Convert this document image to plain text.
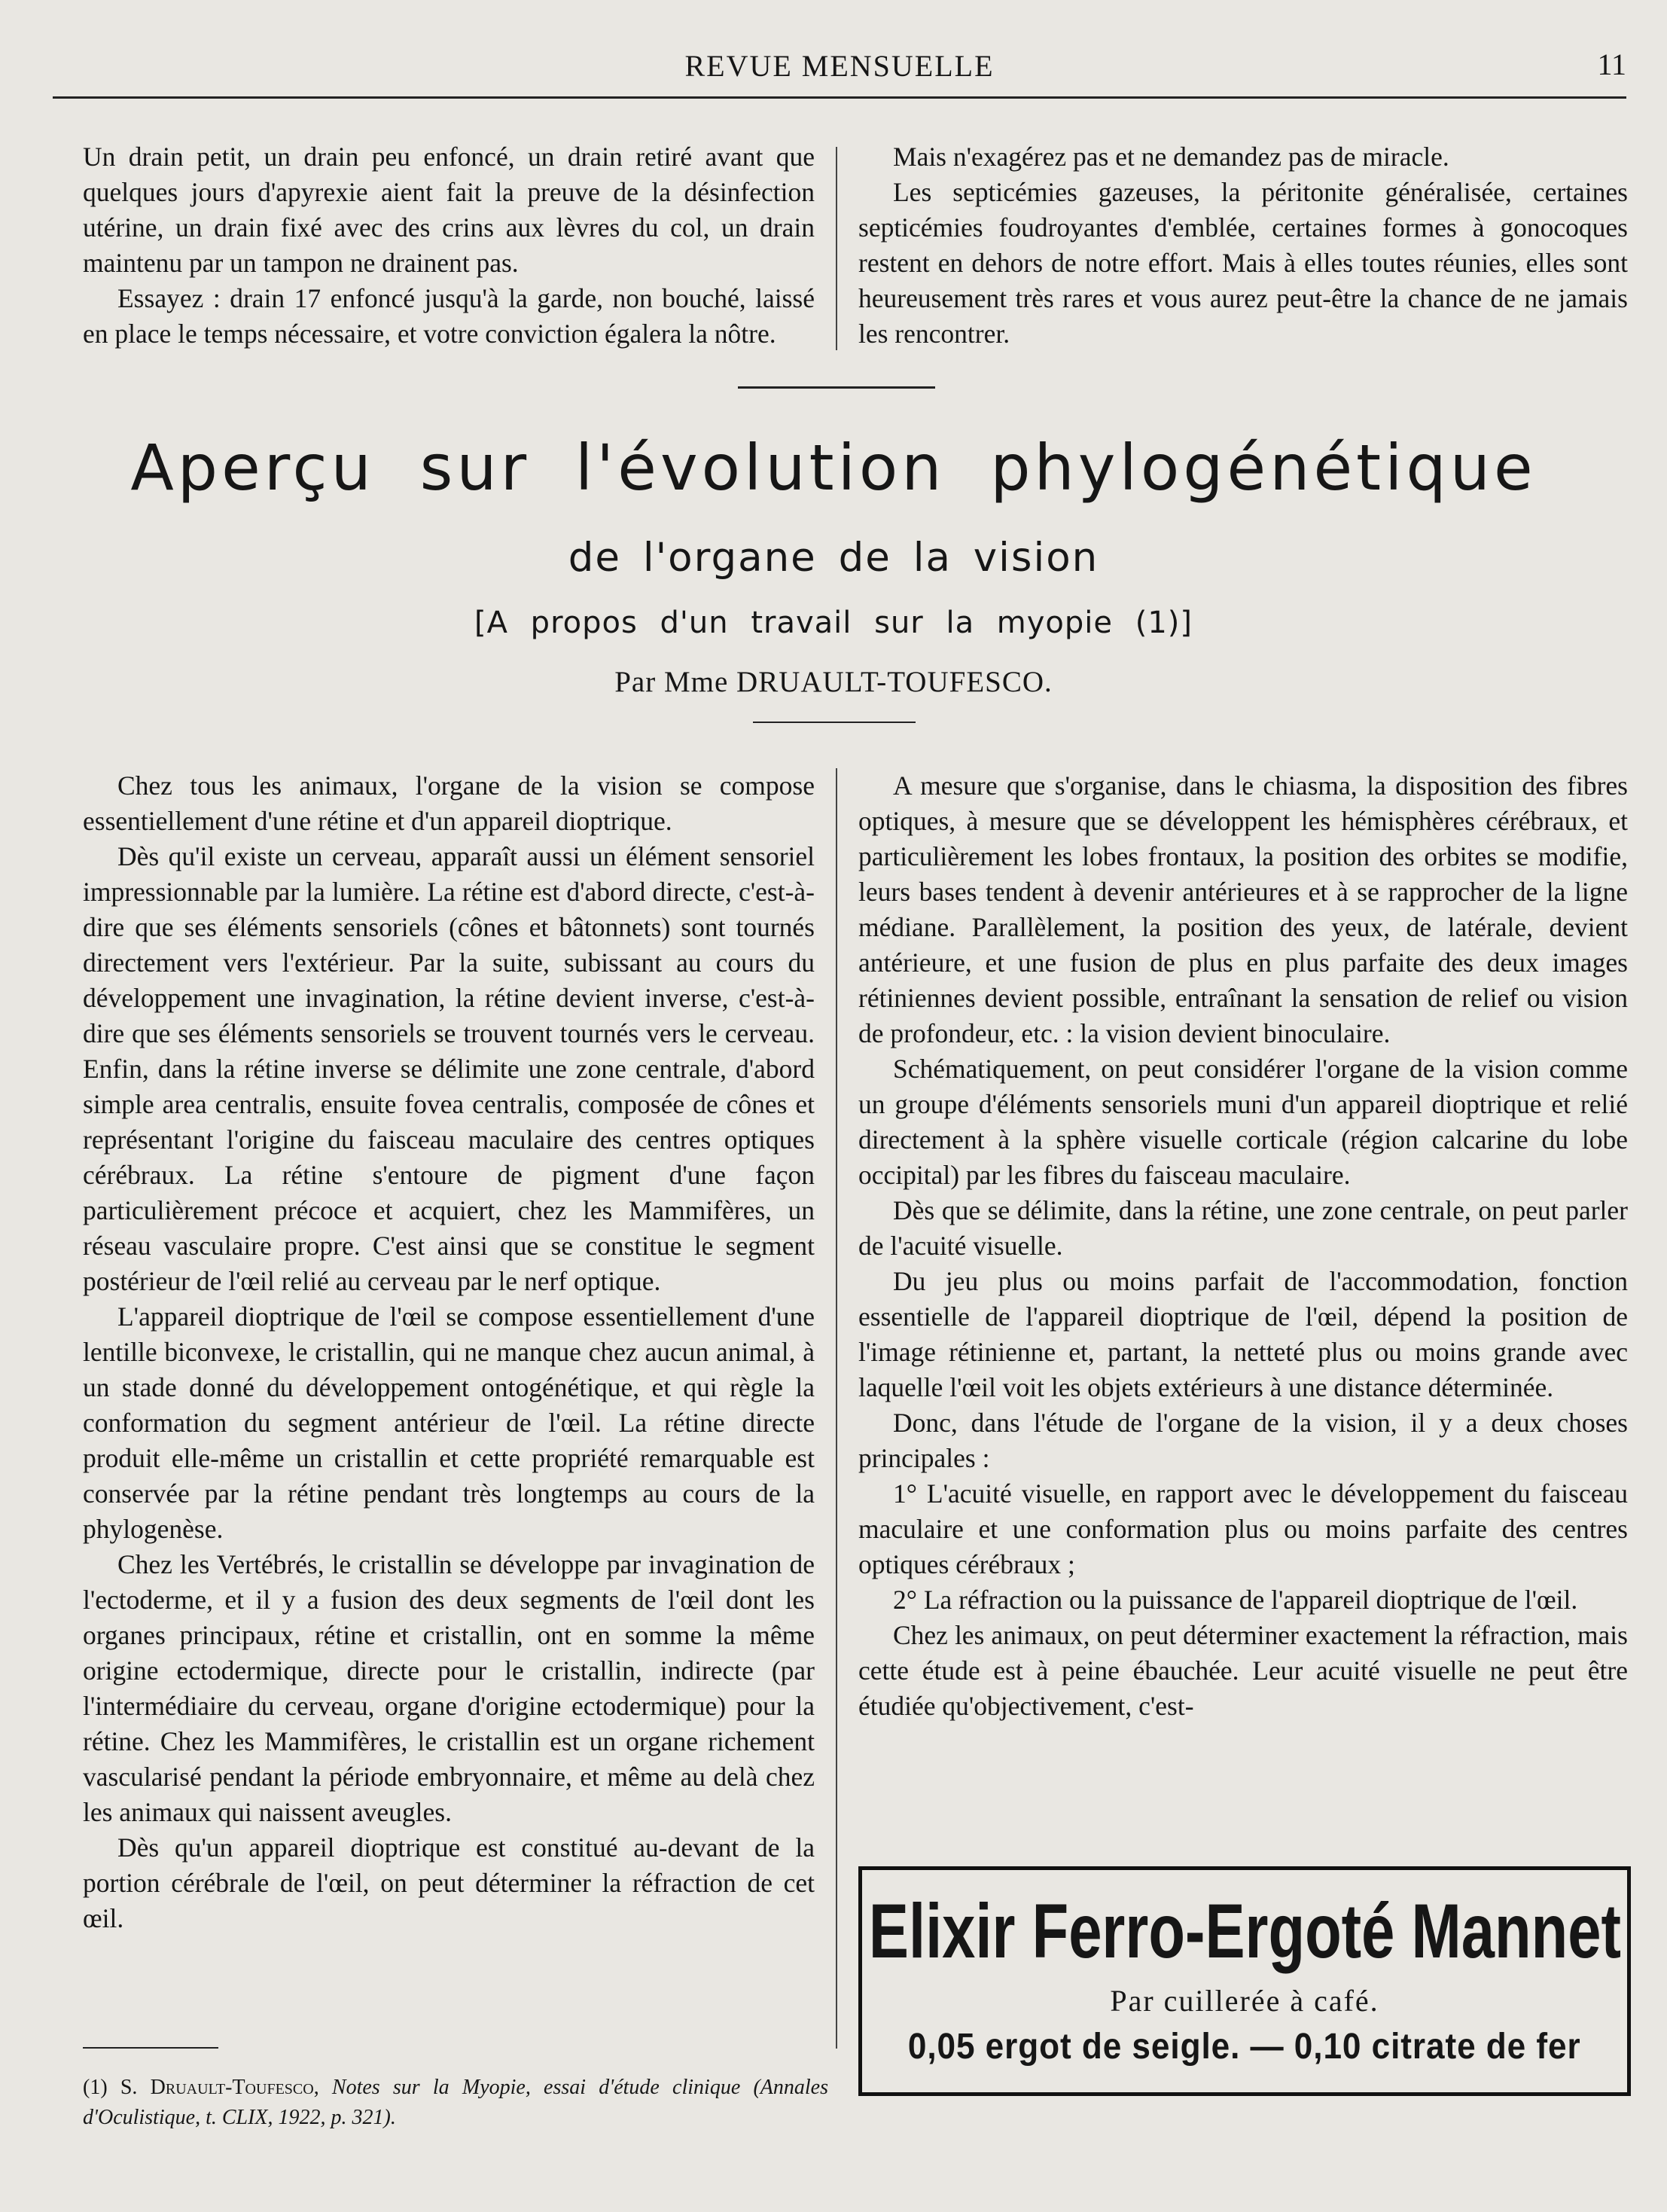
REVUE MENSUELLE	11

Un drain petit, un drain peu enfoncé, un drain retiré avant que quelques jours d'apyrexie aient fait la preuve de la désinfection utérine, un drain fixé avec des crins aux lèvres du col, un drain maintenu par un tampon ne drainent pas.

Essayez : drain 17 enfoncé jusqu'à la garde, non bouché, laissé en place le temps nécessaire, et votre conviction égalera la nôtre.

Mais n'exagérez pas et ne demandez pas de miracle.

Les septicémies gazeuses, la péritonite généralisée, certaines septicémies foudroyantes d'emblée, certaines formes à gonocoques restent en dehors de notre effort. Mais à elles toutes réunies, elles sont heureusement très rares et vous aurez peut-être la chance de ne jamais les rencontrer.

Aperçu sur l'évolution phylogénétique
de l'organe de la vision
[A propos d'un travail sur la myopie (1)]
Par Mme DRUAULT-TOUFESCO.

Chez tous les animaux, l'organe de la vision se compose essentiellement d'une rétine et d'un appareil dioptrique.

Dès qu'il existe un cerveau, apparaît aussi un élément sensoriel impressionnable par la lumière. La rétine est d'abord directe, c'est-à-dire que ses éléments sensoriels (cônes et bâtonnets) sont tournés directement vers l'extérieur. Par la suite, subissant au cours du développement une invagination, la rétine devient inverse, c'est-à-dire que ses éléments sensoriels se trouvent tournés vers le cerveau. Enfin, dans la rétine inverse se délimite une zone centrale, d'abord simple area centralis, ensuite fovea centralis, composée de cônes et représentant l'origine du faisceau maculaire des centres optiques cérébraux. La rétine s'entoure de pigment d'une façon particulièrement précoce et acquiert, chez les Mammifères, un réseau vasculaire propre. C'est ainsi que se constitue le segment postérieur de l'œil relié au cerveau par le nerf optique.

L'appareil dioptrique de l'œil se compose essentiellement d'une lentille biconvexe, le cristallin, qui ne manque chez aucun animal, à un stade donné du développement ontogénétique, et qui règle la conformation du segment antérieur de l'œil. La rétine directe produit elle-même un cristallin et cette propriété remarquable est conservée par la rétine pendant très longtemps au cours de la phylogenèse.

Chez les Vertébrés, le cristallin se développe par invagination de l'ectoderme, et il y a fusion des deux segments de l'œil dont les organes principaux, rétine et cristallin, ont en somme la même origine ectodermique, directe pour le cristallin, indirecte (par l'intermédiaire du cerveau, organe d'origine ectodermique) pour la rétine. Chez les Mammifères, le cristallin est un organe richement vascularisé pendant la période embryonnaire, et même au delà chez les animaux qui naissent aveugles.

Dès qu'un appareil dioptrique est constitué au-devant de la portion cérébrale de l'œil, on peut déterminer la réfraction de cet œil.

A mesure que s'organise, dans le chiasma, la disposition des fibres optiques, à mesure que se développent les hémisphères cérébraux, et particulièrement les lobes frontaux, la position des orbites se modifie, leurs bases tendent à devenir antérieures et à se rapprocher de la ligne médiane. Parallèlement, la position des yeux, de latérale, devient antérieure, et une fusion de plus en plus parfaite des deux images rétiniennes devient possible, entraînant la sensation de relief ou vision de profondeur, etc. : la vision devient binoculaire.

Schématiquement, on peut considérer l'organe de la vision comme un groupe d'éléments sensoriels muni d'un appareil dioptrique et relié directement à la sphère visuelle corticale (région calcarine du lobe occipital) par les fibres du faisceau maculaire.

Dès que se délimite, dans la rétine, une zone centrale, on peut parler de l'acuité visuelle.

Du jeu plus ou moins parfait de l'accommodation, fonction essentielle de l'appareil dioptrique de l'œil, dépend la position de l'image rétinienne et, partant, la netteté plus ou moins grande avec laquelle l'œil voit les objets extérieurs à une distance déterminée.

Donc, dans l'étude de l'organe de la vision, il y a deux choses principales :

1° L'acuité visuelle, en rapport avec le développement du faisceau maculaire et une conformation plus ou moins parfaite des centres optiques cérébraux ;

2° La réfraction ou la puissance de l'appareil dioptrique de l'œil.

Chez les animaux, on peut déterminer exactement la réfraction, mais cette étude est à peine ébauchée. Leur acuité visuelle ne peut être étudiée qu'objectivement, c'est-

(1) S. Druault-Toufesco, Notes sur la Myopie, essai d'étude clinique (Annales d'Oculistique, t. CLIX, 1922, p. 321).
Elixir Ferro-Ergoté Mannet
Par cuillerée à café.
0,05 ergot de seigle. — 0,10 citrate de fer
